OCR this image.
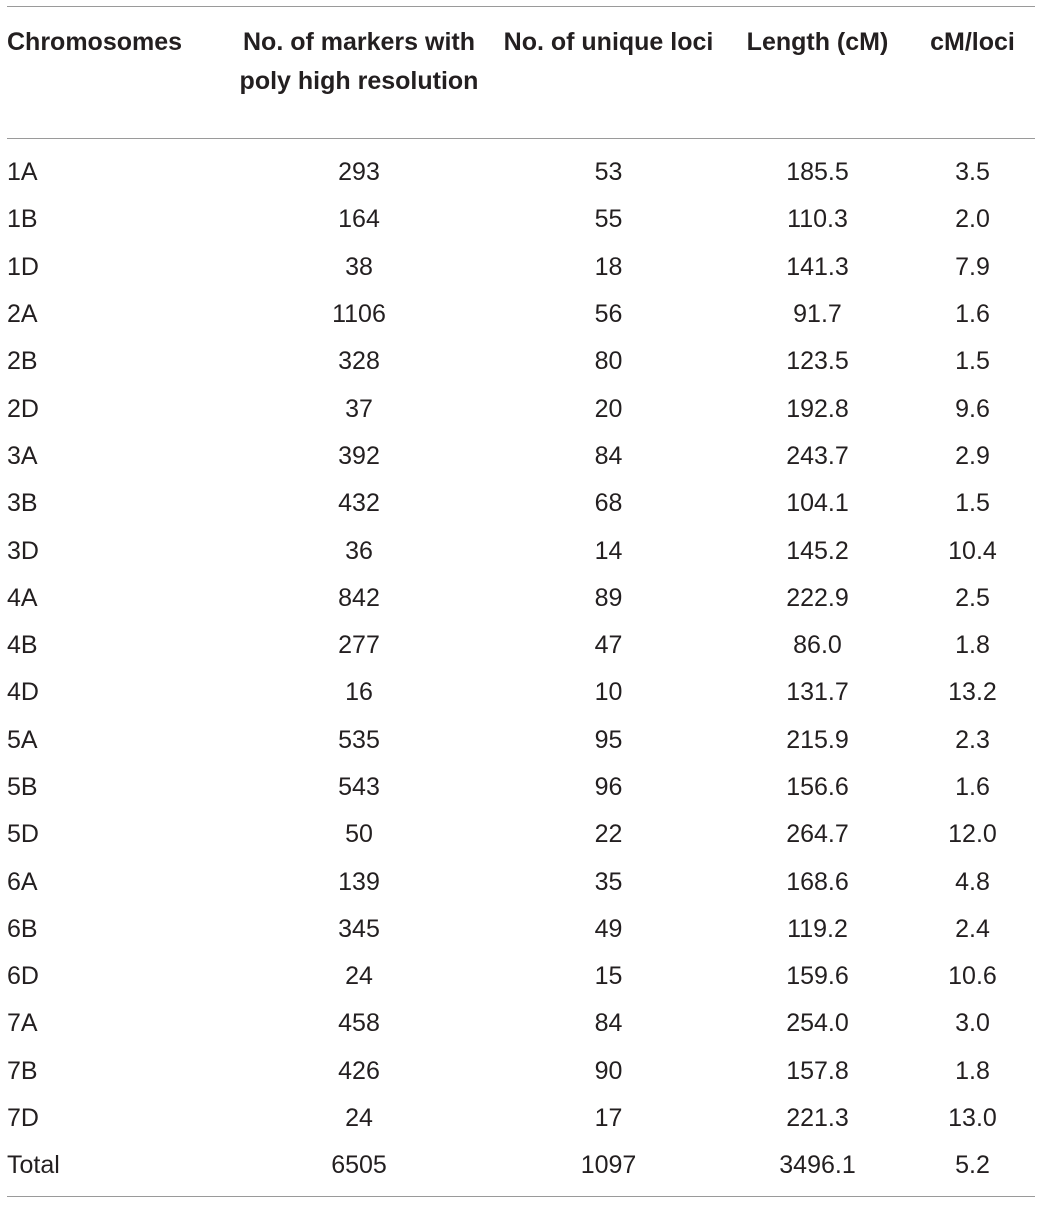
Chromosomes	No. of markers with poly high resolution	No. of unique loci	Length (cM)	cM/loci
1A	293	53	185.5	3.5
1B	164	55	110.3	2.0
1D	38	18	141.3	7.9
2A	1106	56	91.7	1.6
2B	328	80	123.5	1.5
2D	37	20	192.8	9.6
3A	392	84	243.7	2.9
3B	432	68	104.1	1.5
3D	36	14	145.2	10.4
4A	842	89	222.9	2.5
4B	277	47	86.0	1.8
4D	16	10	131.7	13.2
5A	535	95	215.9	2.3
5B	543	96	156.6	1.6
5D	50	22	264.7	12.0
6A	139	35	168.6	4.8
6B	345	49	119.2	2.4
6D	24	15	159.6	10.6
7A	458	84	254.0	3.0
7B	426	90	157.8	1.8
7D	24	17	221.3	13.0
Total	6505	1097	3496.1	5.2
